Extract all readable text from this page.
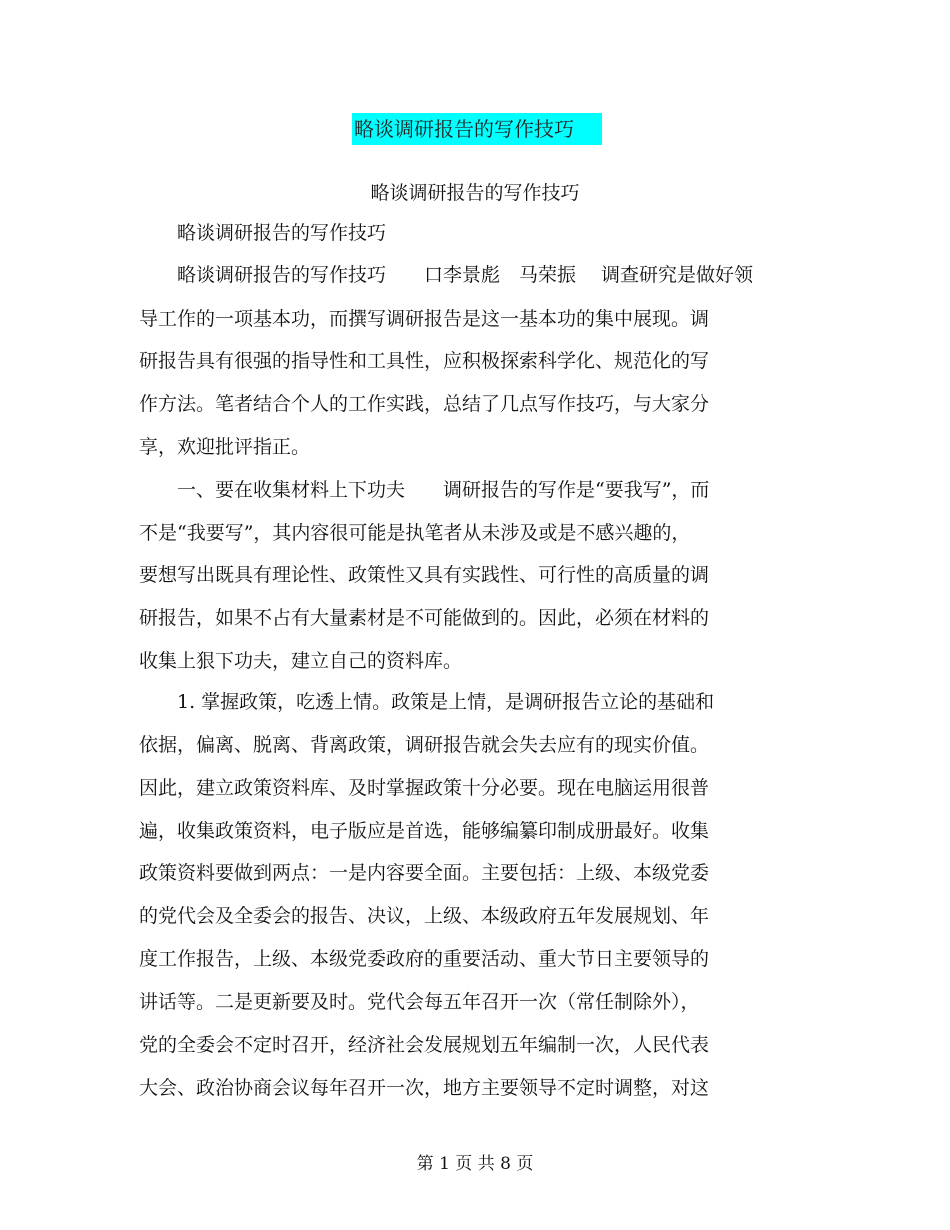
略谈调研报告的写作技巧
略谈调研报告的写作技巧
　　略谈调研报告的写作技巧
　　略谈调研报告的写作技巧　　口李景彪　马荣振　 调查研究是做好领
导工作的一项基本功，而撰写调研报告是这一基本功的集中展现。调
研报告具有很强的指导性和工具性，应积极探索科学化、规范化的写
作方法。笔者结合个人的工作实践，总结了几点写作技巧，与大家分
享，欢迎批评指正。
　　一、要在收集材料上下功夫　　调研报告的写作是“要我写”，而
不是“我要写”，其内容很可能是执笔者从未涉及或是不感兴趣的，
要想写出既具有理论性、政策性又具有实践性、可行性的高质量的调
研报告，如果不占有大量素材是不可能做到的。因此，必须在材料的
收集上狠下功夫，建立自己的资料库。
　　1. 掌握政策，吃透上情。政策是上情，是调研报告立论的基础和
依据，偏离、脱离、背离政策，调研报告就会失去应有的现实价值。
因此，建立政策资料库、及时掌握政策十分必要。现在电脑运用很普
遍，收集政策资料，电子版应是首选，能够编纂印制成册最好。收集
政策资料要做到两点：一是内容要全面。主要包括：上级、本级党委
的党代会及全委会的报告、决议，上级、本级政府五年发展规划、年
度工作报告，上级、本级党委政府的重要活动、重大节日主要领导的
讲话等。二是更新要及时。党代会每五年召开一次（常任制除外），
党的全委会不定时召开，经济社会发展规划五年编制一次，人民代表
大会、政治协商会议每年召开一次，地方主要领导不定时调整，对这
第 1 页 共 8 页
